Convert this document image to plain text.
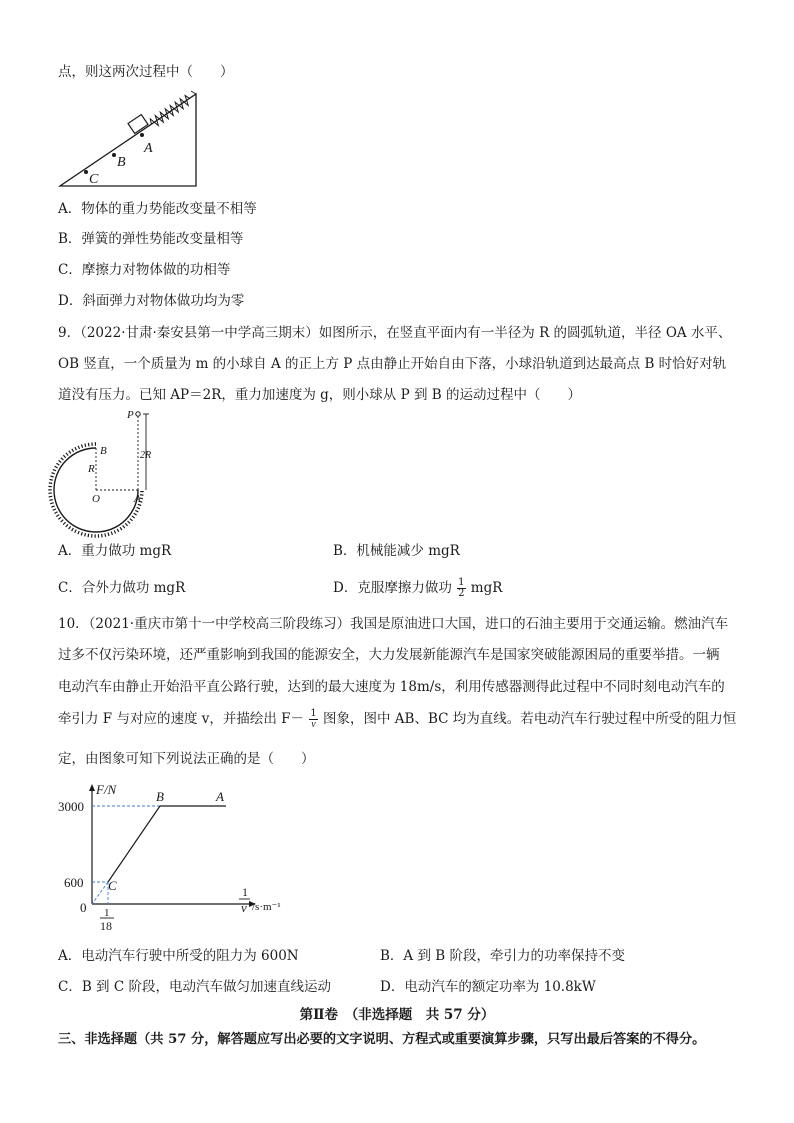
点，则这两次过程中（　　）
A
B
C
A．物体的重力势能改变量不相等
B．弹簧的弹性势能改变量相等
C．摩擦力对物体做的功相等
D．斜面弹力对物体做功均为零
9．（2022·甘肃·秦安县第一中学高三期末）如图所示，在竖直平面内有一半径为 R 的圆弧轨道，半径 OA 水平、
OB 竖直，一个质量为 m 的小球自 A 的正上方 P 点由静止开始自由下落，小球沿轨道到达最高点 B 时恰好对轨
道没有压力。已知 AP＝2R，重力加速度为 g，则小球从 P 到 B 的运动过程中（　　）
P
B
R
2R
O	A
A．重力做功 mgR	B．机械能减少 mgR
C．合外力做功 mgR	D．克服摩擦力做功 $\frac{1}{2}$ mgR
10．（2021·重庆市第十一中学校高三阶段练习）我国是原油进口大国，进口的石油主要用于交通运输。燃油汽车
过多不仅污染环境，还严重影响到我国的能源安全，大力发展新能源汽车是国家突破能源困局的重要举措。一辆
电动汽车由静止开始沿平直公路行驶，达到的最大速度为 18m/s，利用传感器测得此过程中不同时刻电动汽车的
牵引力 F 与对应的速度 v，并描绘出 $F- \frac{1}{v}$ 图象，图中 AB、BC 均为直线。若电动汽车行驶过程中所受的阻力恒
定，由图象可知下列说法正确的是（　　）
F/N
3000
600
0
B	A
C	1
v /s·m⁻¹
1
18
A．电动汽车行驶中所受的阻力为 600N	B．A 到 B 阶段，牵引力的功率保持不变
C．B 到 C 阶段，电动汽车做匀加速直线运动	D．电动汽车的额定功率为 10.8kW
第Ⅱ卷　（非选择题　共 57 分）
三、非选择题（共 57 分，解答题应写出必要的文字说明、方程式或重要演算步骤，只写出最后答案的不得分。
